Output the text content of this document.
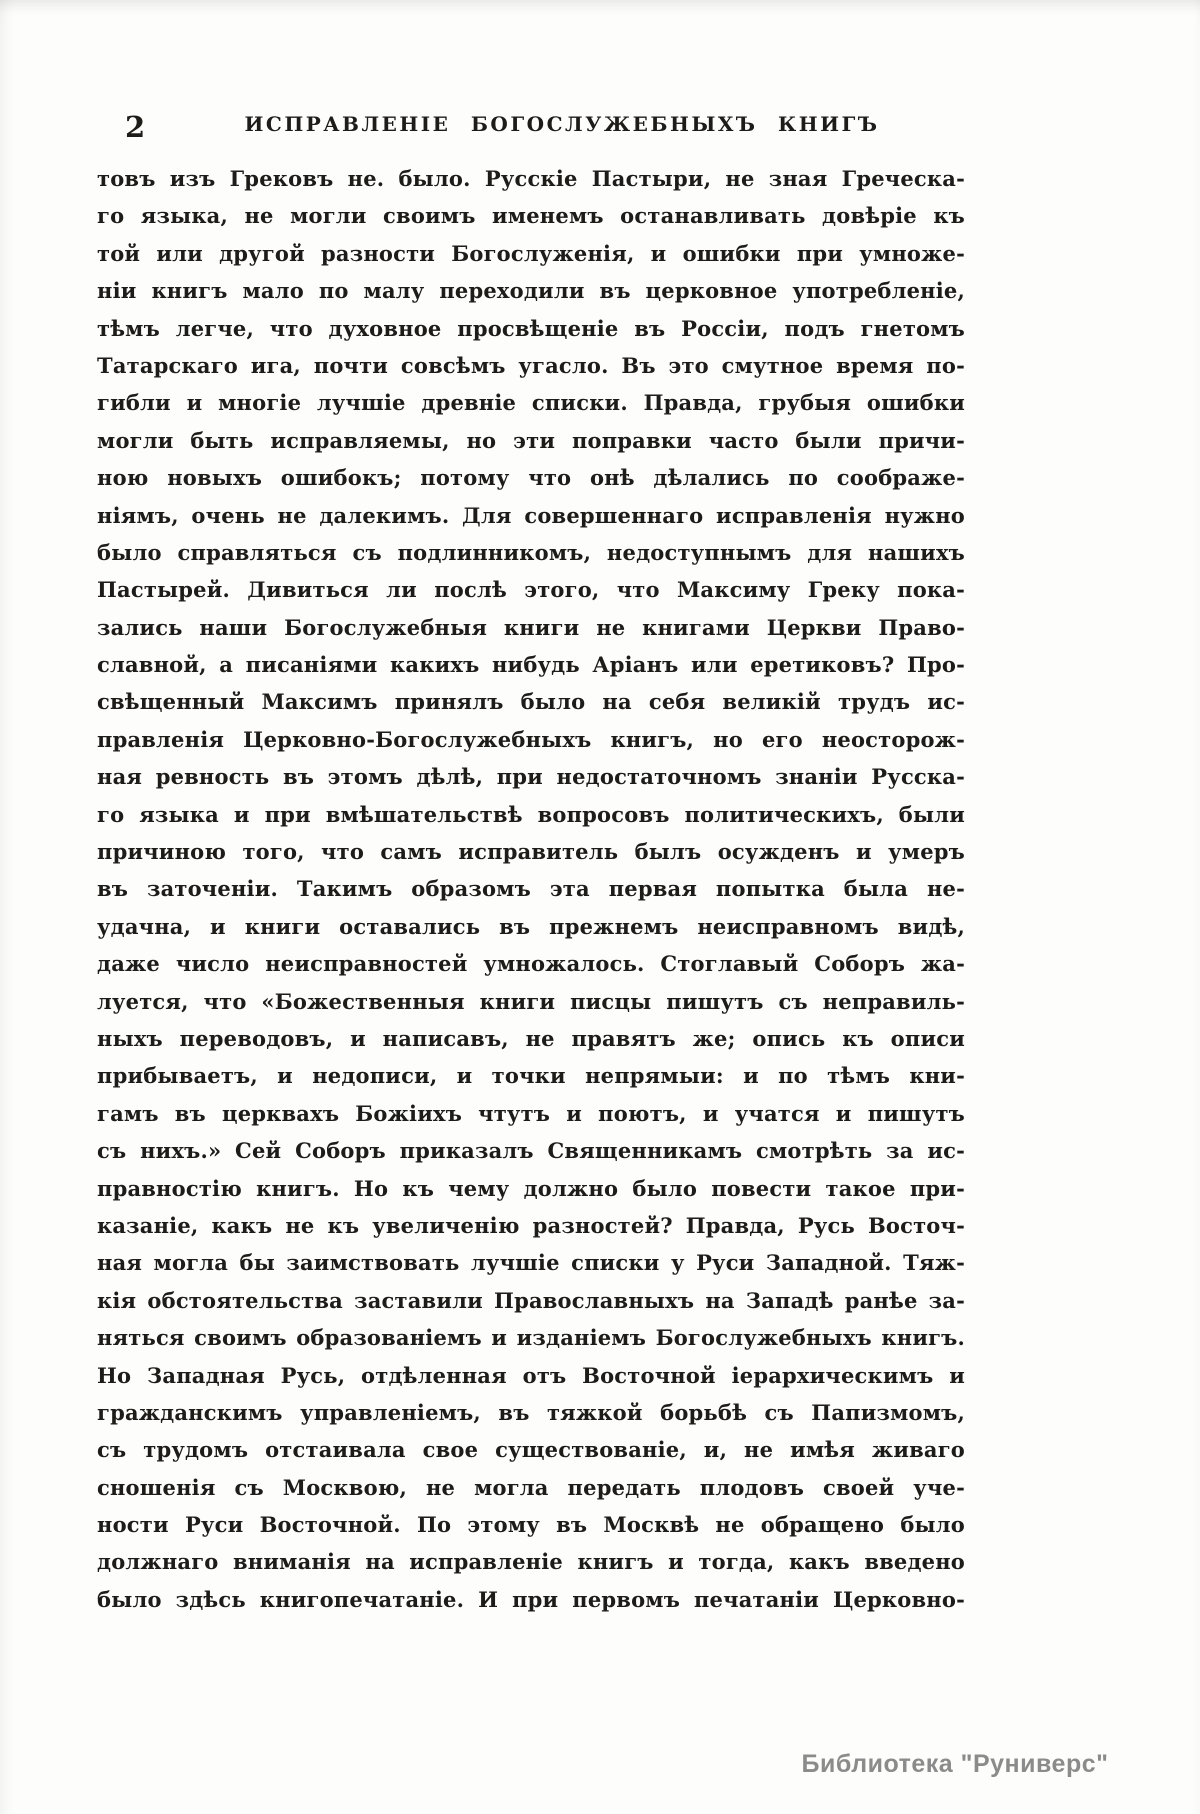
2	ИСПРАВЛЕНІЕ БОГОСЛУЖЕБНЫХЪ КНИГЪ
товъ изъ Грековъ не. было. Русскіе Пастыри, не зная Греческа-
го языка, не могли своимъ именемъ останавливать довѣріе къ
той или другой разности Богослуженія, и ошибки при умноже-
ніи книгъ мало по малу переходили въ церковное употребленіе,
тѣмъ легче, что духовное просвѣщеніе въ Россіи, подъ гнетомъ
Татарскаго ига, почти совсѣмъ угасло. Въ это смутное время по-
гибли и многіе лучшіе древніе списки. Правда, грубыя ошибки
могли быть исправляемы, но эти поправки часто были причи-
ною новыхъ ошибокъ; потому что онѣ дѣлались по соображе-
ніямъ, очень не далекимъ. Для совершеннаго исправленія нужно
было справляться съ подлинникомъ, недоступнымъ для нашихъ
Пастырей. Дивиться ли послѣ этого, что Максиму Греку пока-
зались наши Богослужебныя книги не книгами Церкви Право-
славной, а писаніями какихъ нибудь Аріанъ или еретиковъ? Про-
свѣщенный Максимъ принялъ было на себя великій трудъ ис-
правленія Церковно-Богослужебныхъ книгъ, но его неосторож-
ная ревность въ этомъ дѣлѣ, при недостаточномъ знаніи Русска-
го языка и при вмѣшательствѣ вопросовъ политическихъ, были
причиною того, что самъ исправитель былъ осужденъ и умеръ
въ заточеніи. Такимъ образомъ эта первая попытка была не-
удачна, и книги оставались въ прежнемъ неисправномъ видѣ,
даже число неисправностей умножалось. Стоглавый Соборъ жа-
луется, что «Божественныя книги писцы пишутъ съ неправиль-
ныхъ переводовъ, и написавъ, не правятъ же; опись къ описи
прибываетъ, и недописи, и точки непрямыи: и по тѣмъ кни-
гамъ въ церквахъ Божіихъ чтутъ и поютъ, и учатся и пишутъ
съ нихъ.» Сей Соборъ приказалъ Священникамъ смотрѣть за ис-
правностію книгъ. Но къ чему должно было повести такое при-
казаніе, какъ не къ увеличенію разностей? Правда, Русь Восточ-
ная могла бы заимствовать лучшіе списки у Руси Западной. Тяж-
кія обстоятельства заставили Православныхъ на Западѣ ранѣе за-
няться своимъ образованіемъ и изданіемъ Богослужебныхъ книгъ.
Но Западная Русь, отдѣленная отъ Восточной іерархическимъ и
гражданскимъ управленіемъ, въ тяжкой борьбѣ съ Папизмомъ,
съ трудомъ отстаивала свое существованіе, и, не имѣя живаго
сношенія съ Москвою, не могла передать плодовъ своей уче-
ности Руси Восточной. По этому въ Москвѣ не обращено было
должнаго вниманія на исправленіе книгъ и тогда, какъ введено
было здѣсь книгопечатаніе. И при первомъ печатаніи Церковно-
Библиотека "Руниверс"
